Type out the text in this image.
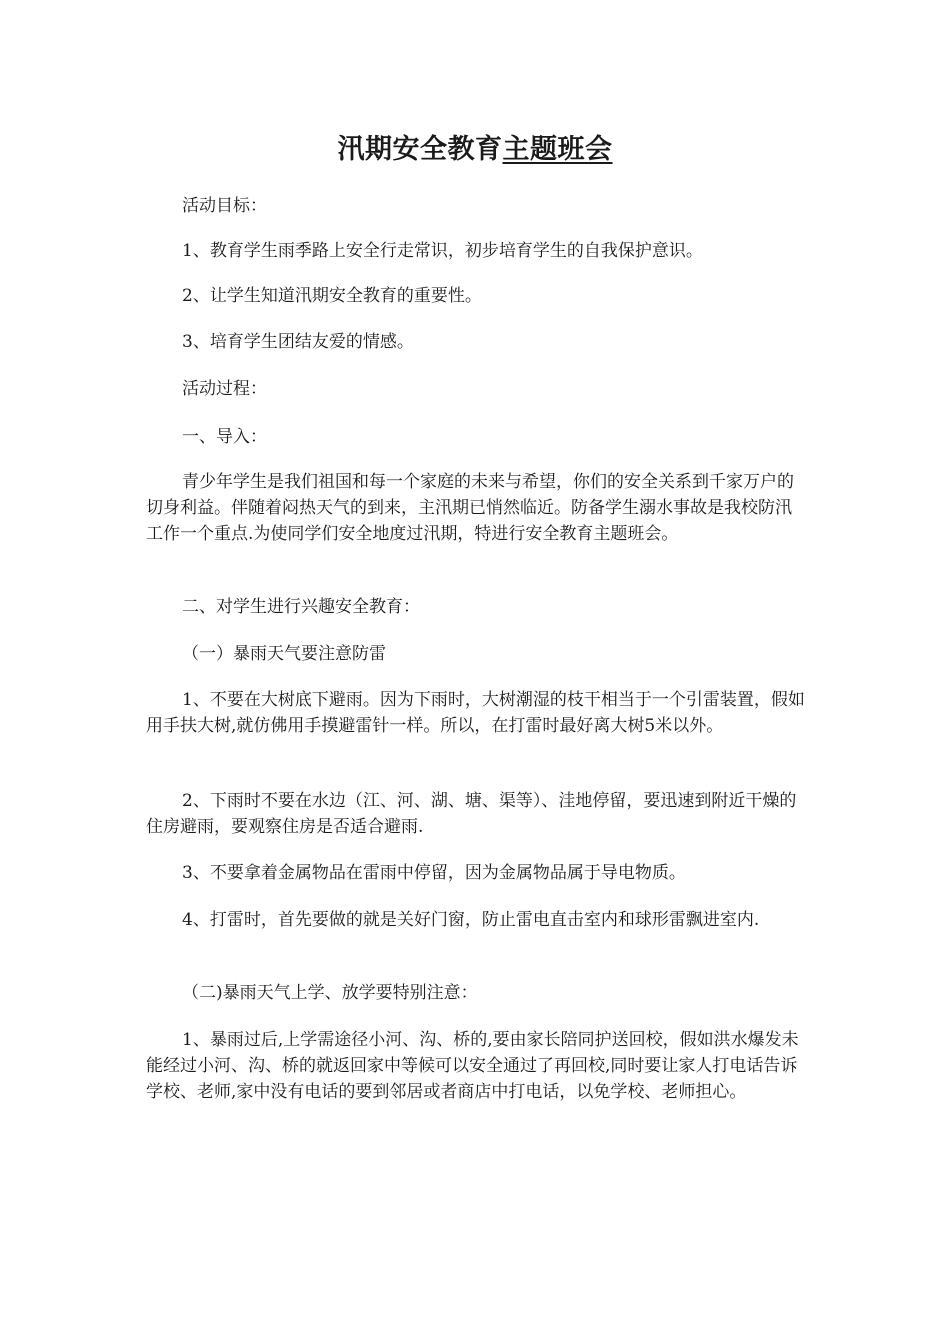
汛期安全教育主题班会

活动目标：

1、教育学生雨季路上安全行走常识，初步培育学生的自我保护意识。

2、让学生知道汛期安全教育的重要性。

3、培育学生团结友爱的情感。

活动过程：

一、导入：

青少年学生是我们祖国和每一个家庭的未来与希望，你们的安全关系到千家万户的切身利益。伴随着闷热天气的到来，主汛期已悄然临近。防备学生溺水事故是我校防汛工作一个重点.为使同学们安全地度过汛期，特进行安全教育主题班会。

二、对学生进行兴趣安全教育：

（一）暴雨天气要注意防雷

1、不要在大树底下避雨。因为下雨时，大树潮湿的枝干相当于一个引雷装置，假如用手扶大树,就仿佛用手摸避雷针一样。所以，在打雷时最好离大树5米以外。

2、下雨时不要在水边（江、河、湖、塘、渠等）、洼地停留，要迅速到附近干燥的住房避雨，要观察住房是否适合避雨.

3、不要拿着金属物品在雷雨中停留，因为金属物品属于导电物质。

4、打雷时，首先要做的就是关好门窗，防止雷电直击室内和球形雷飘进室内.

（二)暴雨天气上学、放学要特别注意：

1、暴雨过后,上学需途径小河、沟、桥的,要由家长陪同护送回校，假如洪水爆发未能经过小河、沟、桥的就返回家中等候可以安全通过了再回校,同时要让家人打电话告诉学校、老师,家中没有电话的要到邻居或者商店中打电话，以免学校、老师担心。
